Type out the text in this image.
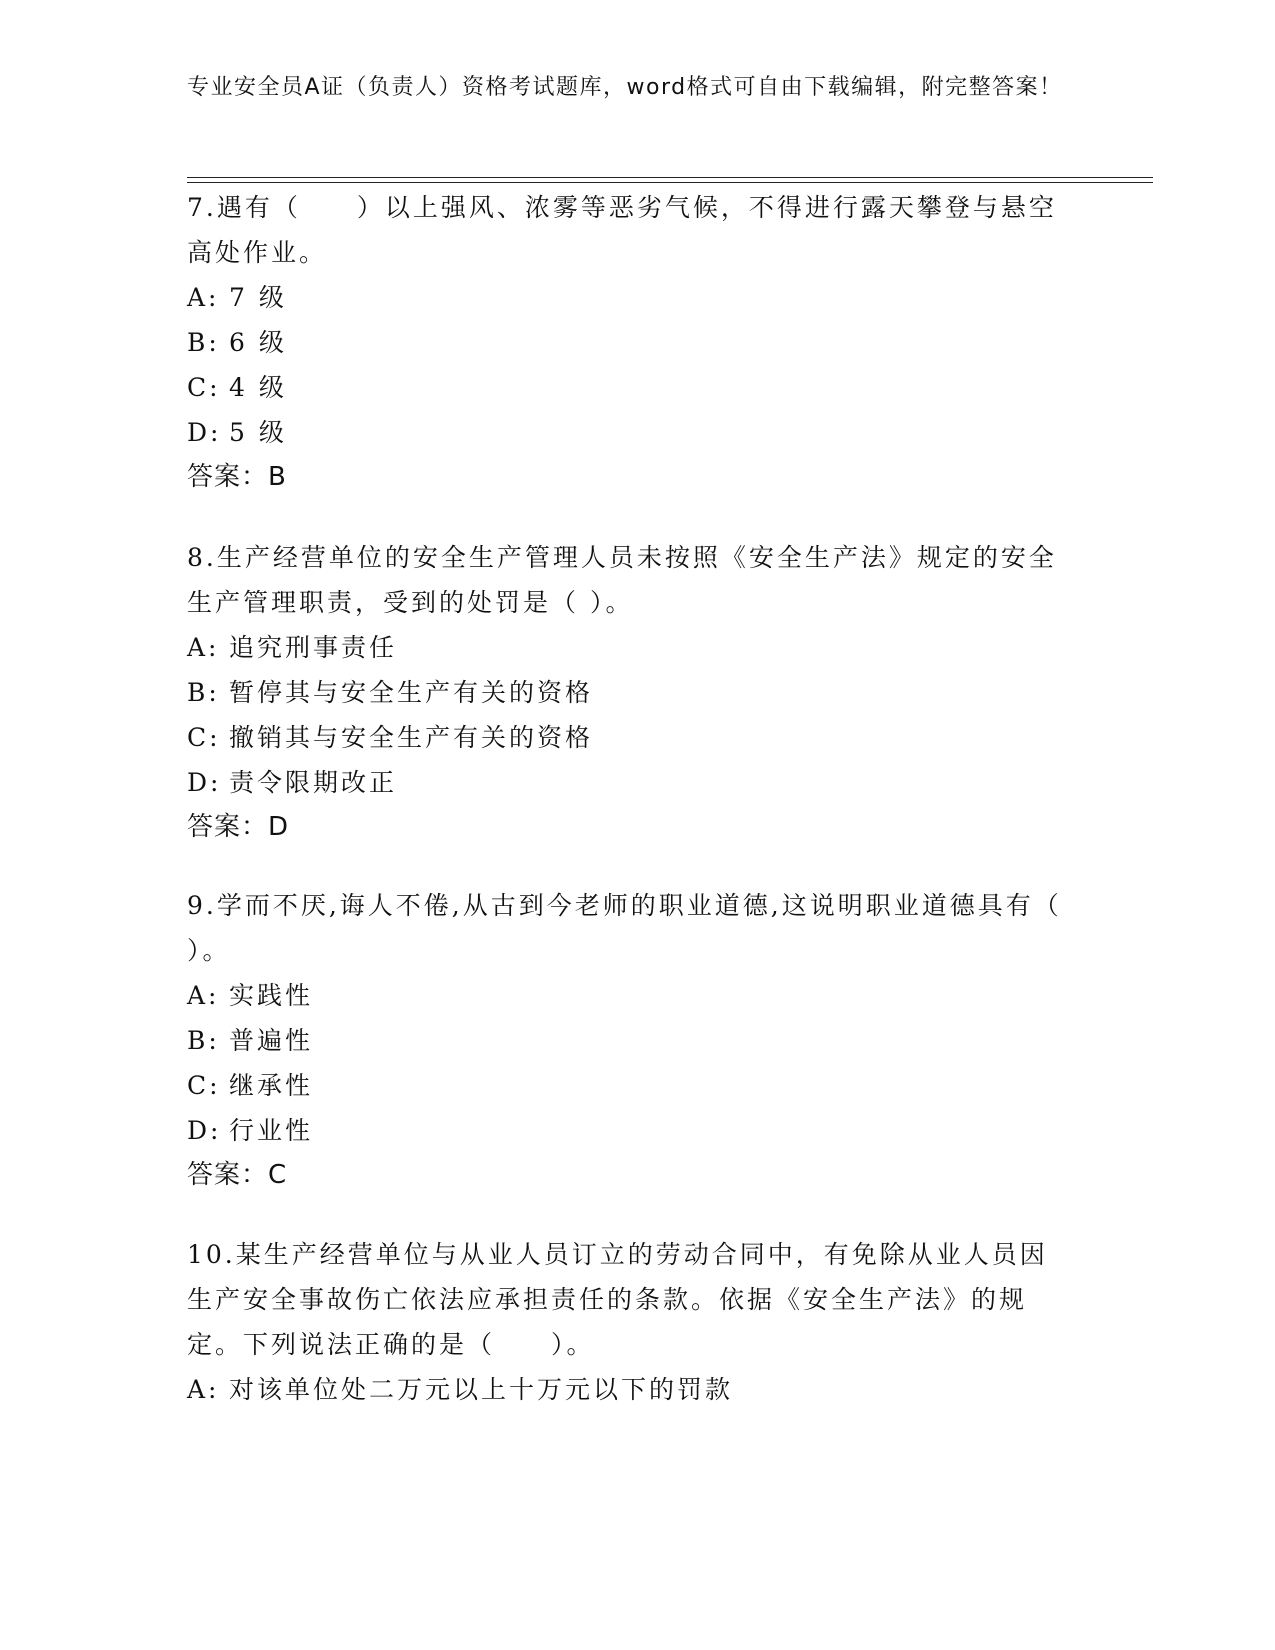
专业安全员A证（负责人）资格考试题库，word格式可自由下载编辑，附完整答案！
7.遇有（　　）以上强风、浓雾等恶劣气候，不得进行露天攀登与悬空高处作业。
A: 7 级
B: 6 级
C: 4 级
D: 5 级
答案：B
8.生产经营单位的安全生产管理人员未按照《安全生产法》规定的安全生产管理职责，受到的处罚是（ ）。
A: 追究刑事责任
B: 暂停其与安全生产有关的资格
C: 撤销其与安全生产有关的资格
D: 责令限期改正
答案：D
9.学而不厌,诲人不倦,从古到今老师的职业道德,这说明职业道德具有（ ）。
A: 实践性
B: 普遍性
C: 继承性
D: 行业性
答案：C
10.某生产经营单位与从业人员订立的劳动合同中，有免除从业人员因生产安全事故伤亡依法应承担责任的条款。依据《安全生产法》的规定。下列说法正确的是（　　）。
A: 对该单位处二万元以上十万元以下的罚款
